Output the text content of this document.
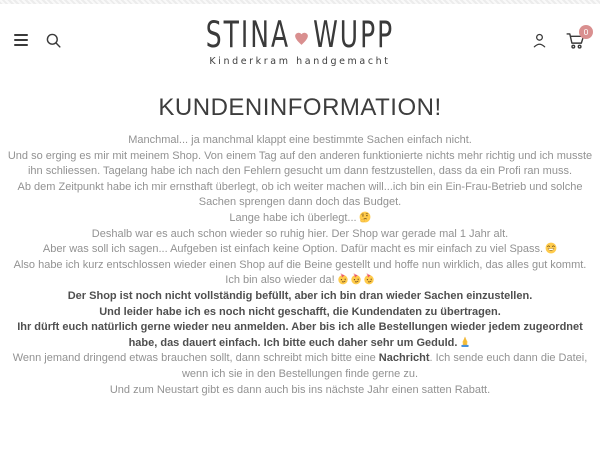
STINA WUPP
Kinderkram handgemacht
0
KUNDENINFORMATION!
Manchmal... ja manchmal klappt eine bestimmte Sachen einfach nicht.
Und so erging es mir mit meinem Shop. Von einem Tag auf den anderen funktionierte nichts mehr richtig und ich musste ihn schliessen. Tagelang habe ich nach den Fehlern gesucht um dann festzustellen, dass da ein Profi ran muss.
Ab dem Zeitpunkt habe ich mir ernsthaft überlegt, ob ich weiter machen will...ich bin ein Ein-Frau-Betrieb und solche Sachen sprengen dann doch das Budget.
Lange habe ich überlegt...
Deshalb war es auch schon wieder so ruhig hier. Der Shop war gerade mal 1 Jahr alt.
Aber was soll ich sagen... Aufgeben ist einfach keine Option. Dafür macht es mir einfach zu viel Spass.
Also habe ich kurz entschlossen wieder einen Shop auf die Beine gestellt und hoffe nun wirklich, das alles gut kommt.
Ich bin also wieder da!
Der Shop ist noch nicht vollständig befüllt, aber ich bin dran wieder Sachen einzustellen.
Und leider habe ich es noch nicht geschafft, die Kundendaten zu übertragen.
Ihr dürft euch natürlich gerne wieder neu anmelden. Aber bis ich alle Bestellungen wieder jedem zugeordnet habe, das dauert einfach. Ich bitte euch daher sehr um Geduld.
Wenn jemand dringend etwas brauchen sollt, dann schreibt mich bitte eine Nachricht. Ich sende euch dann die Datei, wenn ich sie in den Bestellungen finde gerne zu.
Und zum Neustart gibt es dann auch bis ins nächste Jahr einen satten Rabatt.
